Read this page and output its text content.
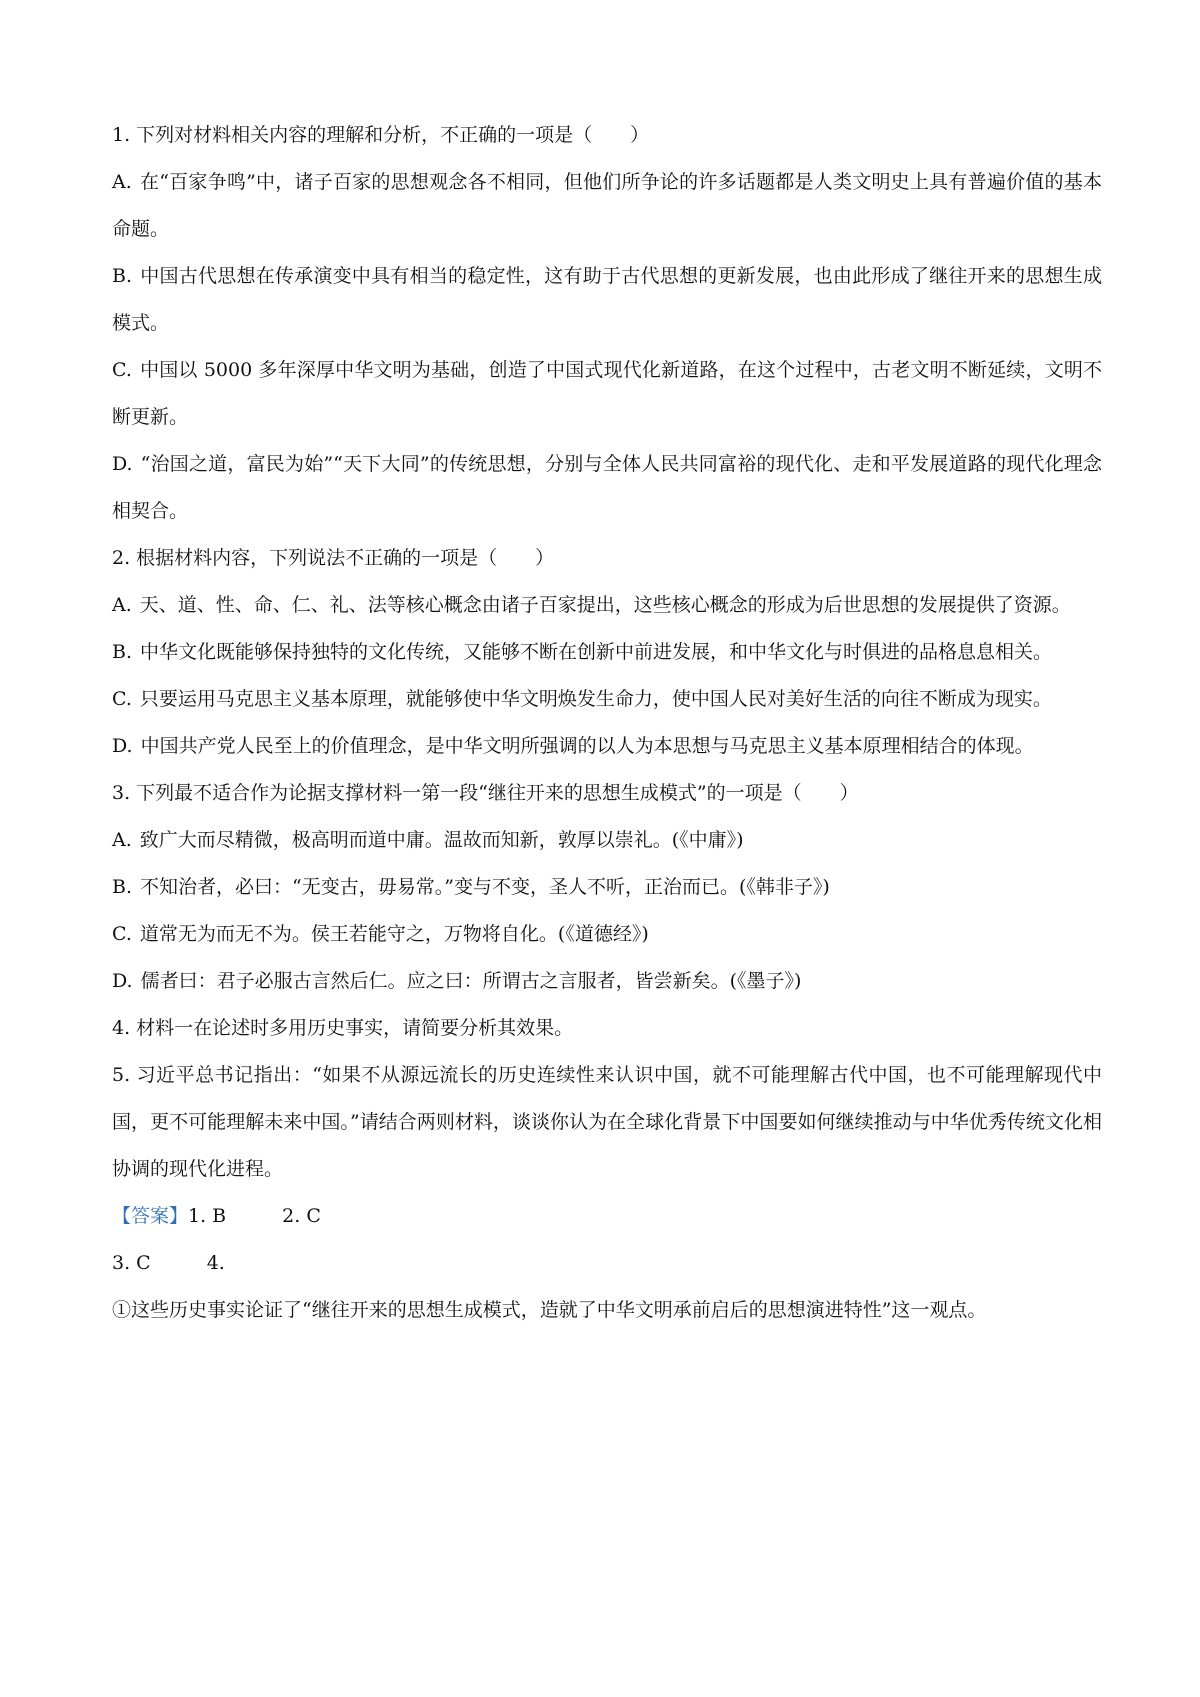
1. 下列对材料相关内容的理解和分析，不正确的一项是（　　）

A. 在“百家争鸣”中，诸子百家的思想观念各不相同，但他们所争论的许多话题都是人类文明史上具有普遍价值的基本命题。

B. 中国古代思想在传承演变中具有相当的稳定性，这有助于古代思想的更新发展，也由此形成了继往开来的思想生成模式。

C. 中国以 5000 多年深厚中华文明为基础，创造了中国式现代化新道路，在这个过程中，古老文明不断延续，文明不断更新。

D. “治国之道，富民为始”“天下大同”的传统思想，分别与全体人民共同富裕的现代化、走和平发展道路的现代化理念相契合。

2. 根据材料内容，下列说法不正确的一项是（　　）

A. 天、道、性、命、仁、礼、法等核心概念由诸子百家提出，这些核心概念的形成为后世思想的发展提供了资源。

B. 中华文化既能够保持独特的文化传统，又能够不断在创新中前进发展，和中华文化与时俱进的品格息息相关。

C. 只要运用马克思主义基本原理，就能够使中华文明焕发生命力，使中国人民对美好生活的向往不断成为现实。

D. 中国共产党人民至上的价值理念，是中华文明所强调的以人为本思想与马克思主义基本原理相结合的体现。

3. 下列最不适合作为论据支撑材料一第一段“继往开来的思想生成模式”的一项是（　　）

A. 致广大而尽精微，极高明而道中庸。温故而知新，敦厚以崇礼。(《中庸》)

B. 不知治者，必曰：“无变古，毋易常。”变与不变，圣人不听，正治而已。(《韩非子》)

C. 道常无为而无不为。侯王若能守之，万物将自化。(《道德经》)

D. 儒者曰：君子必服古言然后仁。应之曰：所谓古之言服者，皆尝新矣。(《墨子》)

4. 材料一在论述时多用历史事实，请简要分析其效果。

5. 习近平总书记指出：“如果不从源远流长的历史连续性来认识中国，就不可能理解古代中国，也不可能理解现代中国，更不可能理解未来中国。”请结合两则材料，谈谈你认为在全球化背景下中国要如何继续推动与中华优秀传统文化相协调的现代化进程。

【答案】1. B	2. C

3. C	4.

①这些历史事实论证了“继往开来的思想生成模式，造就了中华文明承前启后的思想演进特性”这一观点。
